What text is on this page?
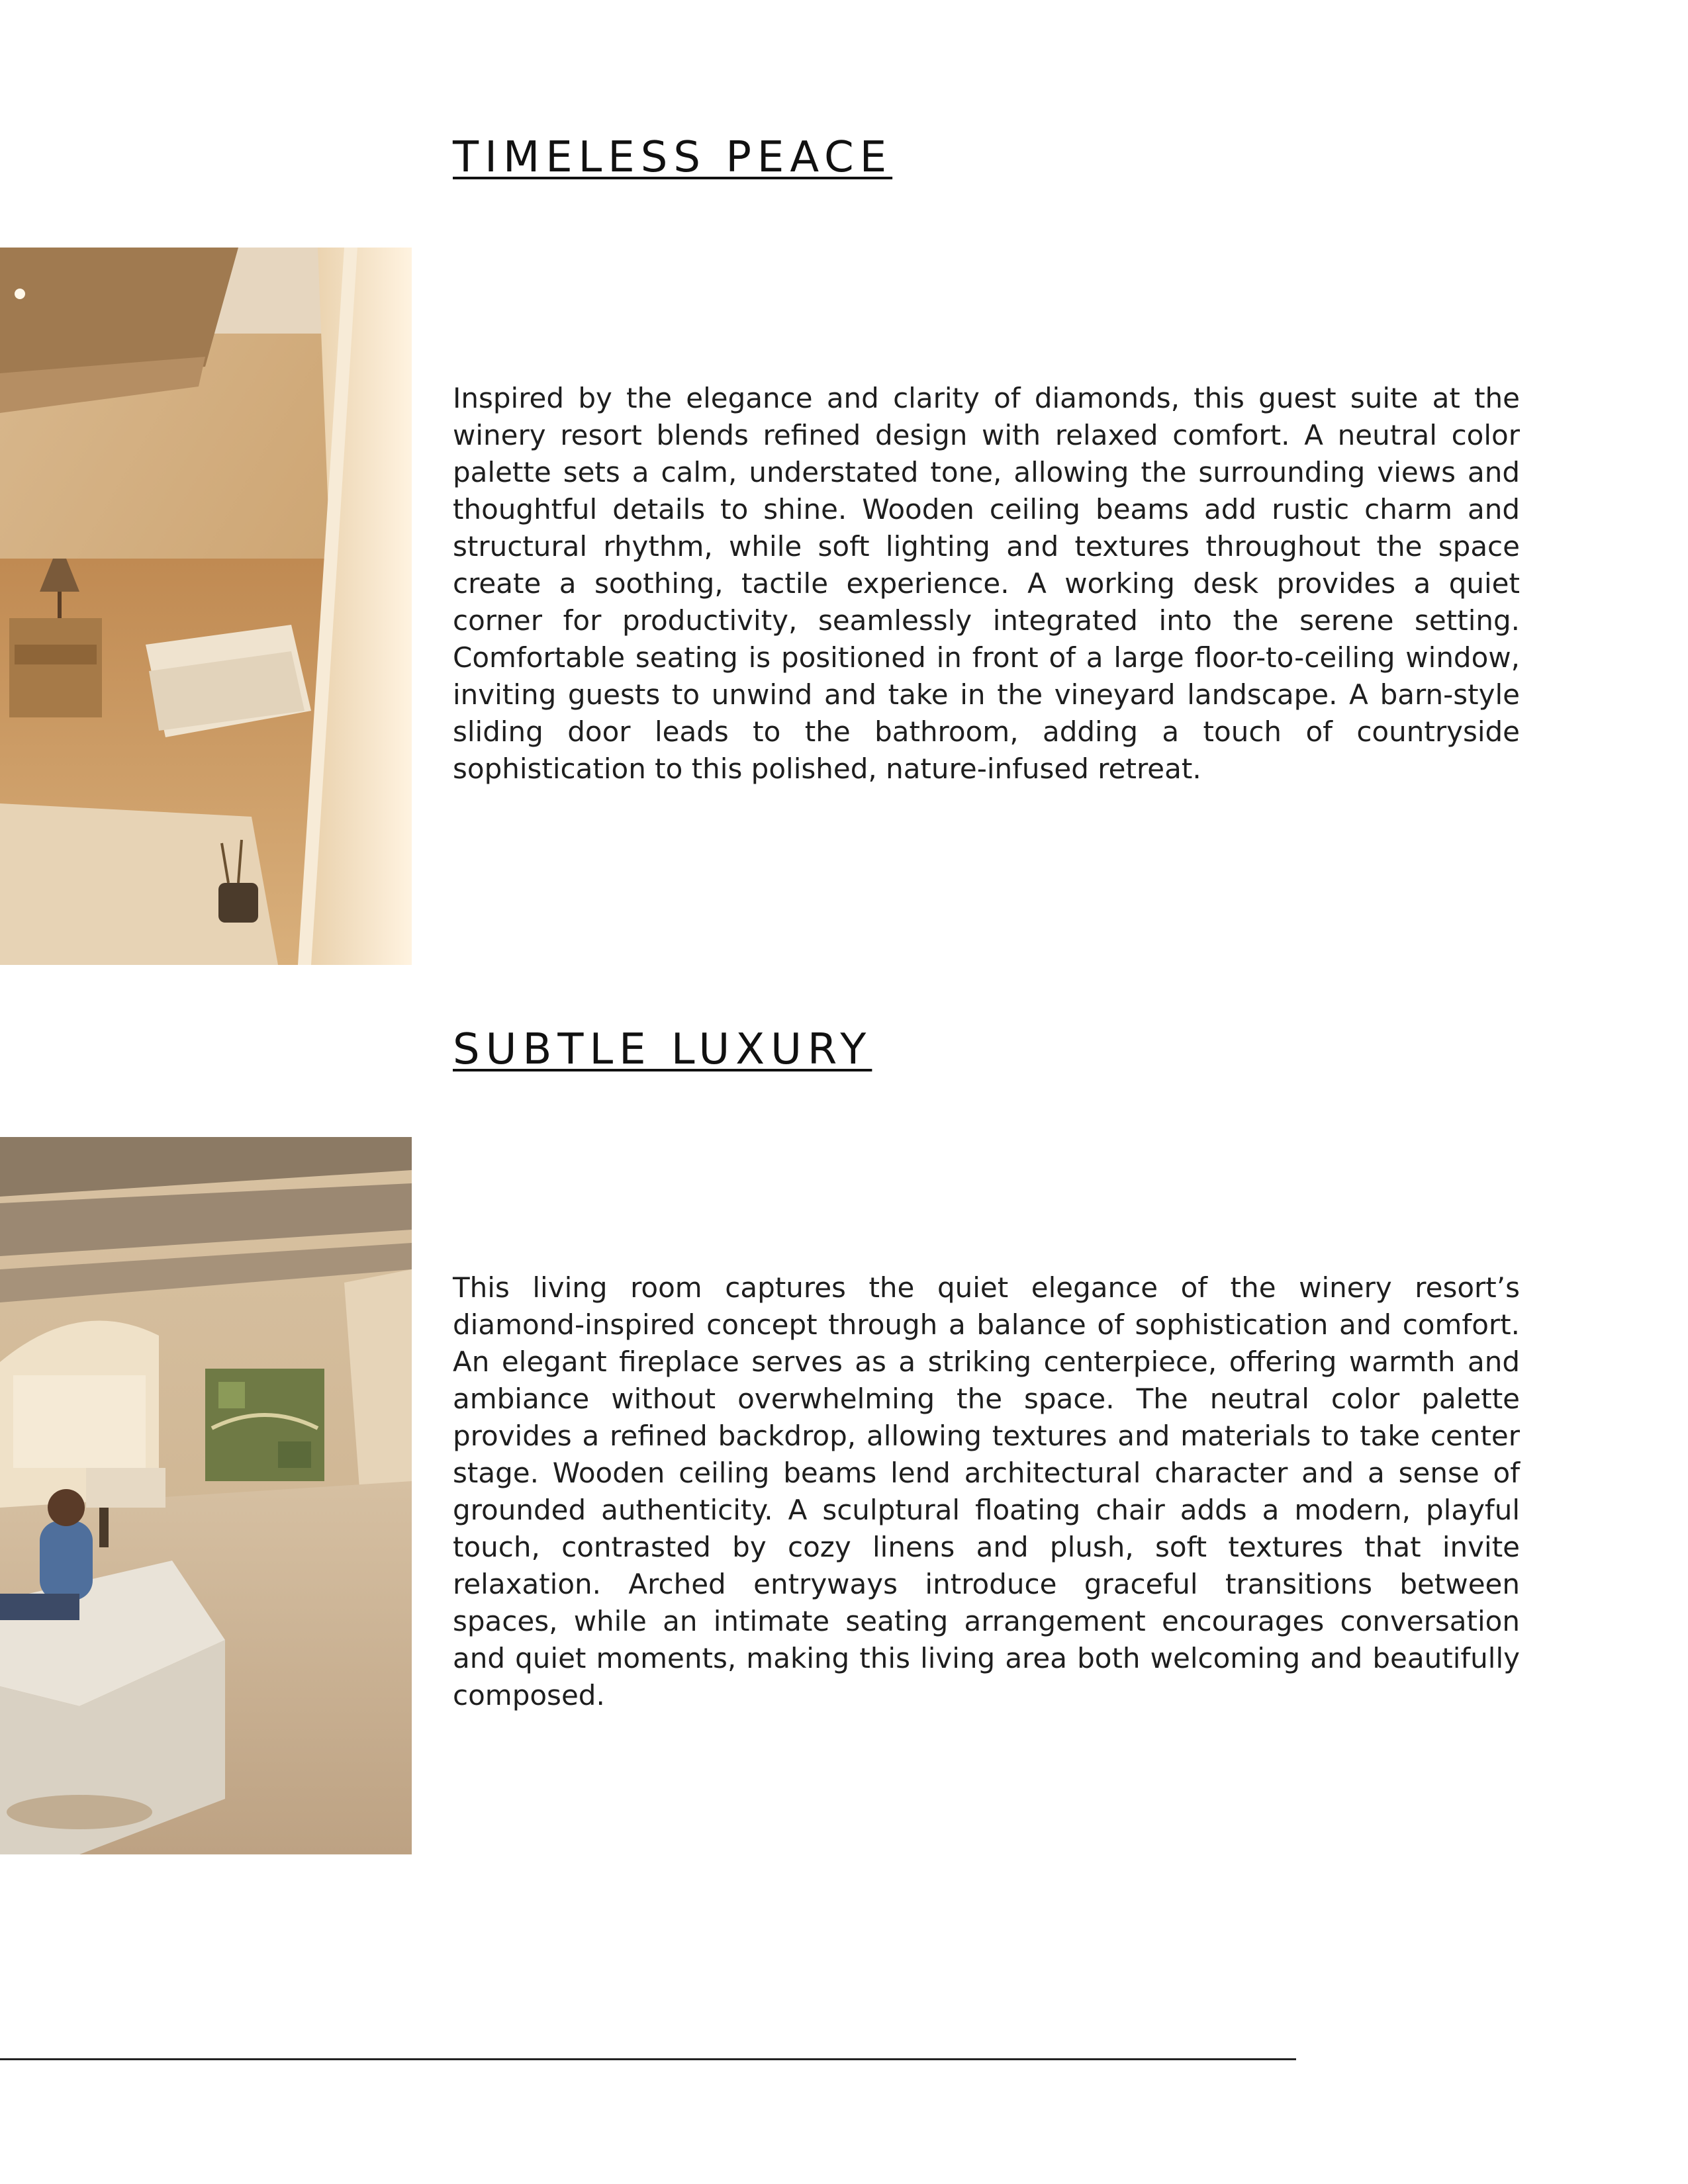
TIMELESS PEACE

Inspired by the elegance and clarity of diamonds, this guest suite at the winery resort blends refined design with relaxed comfort. A neutral color palette sets a calm, understated tone, allowing the surrounding views and thoughtful details to shine. Wooden ceiling beams add rustic charm and structural rhythm, while soft lighting and textures throughout the space create a soothing, tactile experience. A working desk provides a quiet corner for productivity, seamlessly integrated into the serene setting. Comfortable seating is positioned in front of a large floor-to-ceiling window, inviting guests to unwind and take in the vineyard landscape. A barn-style sliding door leads to the bathroom, adding a touch of countryside sophistication to this polished, nature-infused retreat.

SUBTLE LUXURY

This living room captures the quiet elegance of the winery resort’s diamond-inspired concept through a balance of sophistication and comfort. An elegant fireplace serves as a striking centerpiece, offering warmth and ambiance without overwhelming the space. The neutral color palette provides a refined backdrop, allowing textures and materials to take center stage. Wooden ceiling beams lend architectural character and a sense of grounded authenticity. A sculptural floating chair adds a modern, playful touch, contrasted by cozy linens and plush, soft textures that invite relaxation. Arched entryways introduce graceful transitions between spaces, while an intimate seating arrangement encourages conversation and quiet moments, making this living area both welcoming and beautifully composed.
